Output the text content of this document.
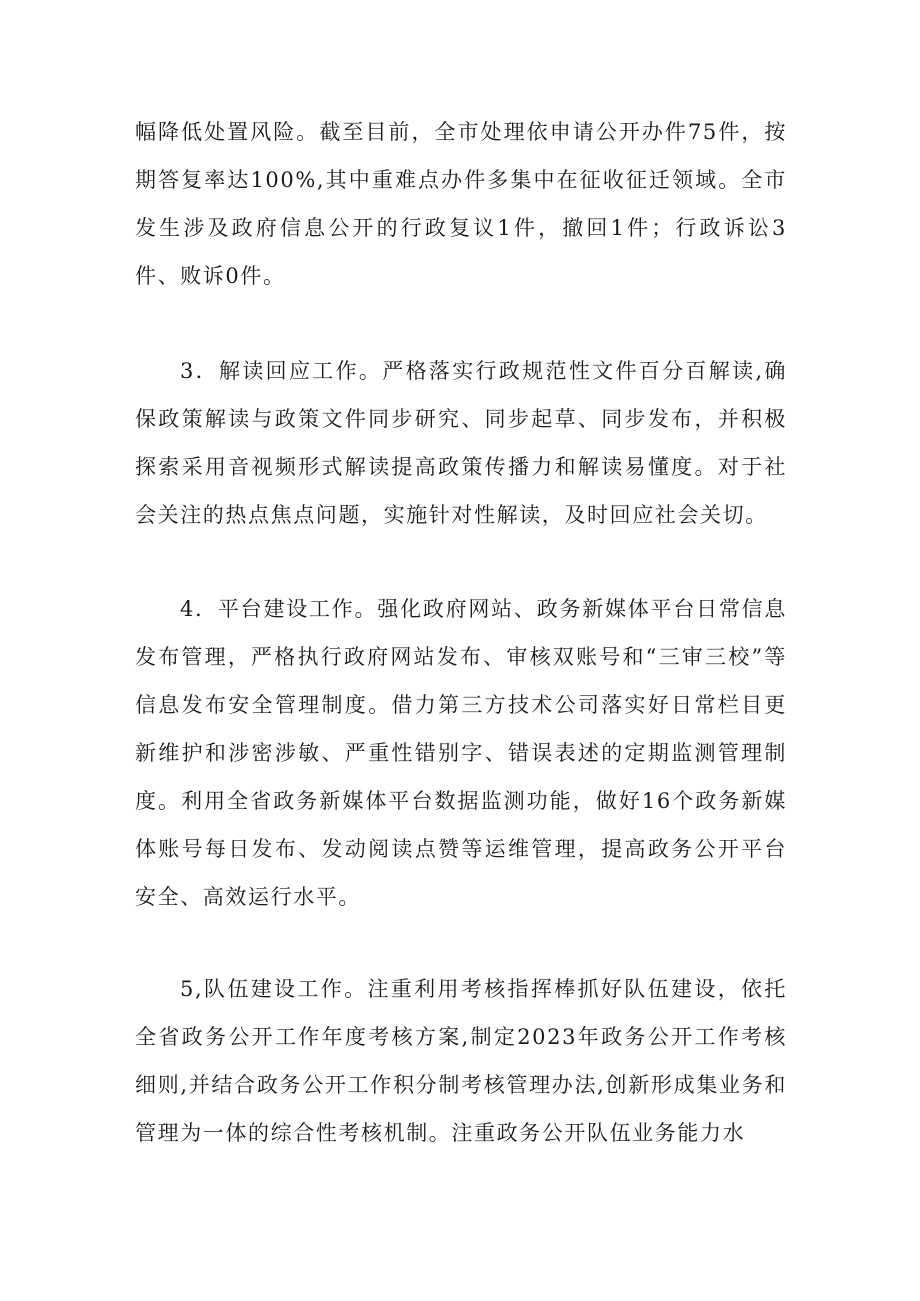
幅降低处置风险。截至目前，全市处理依申请公开办件75件，按期答复率达100%,其中重难点办件多集中在征收征迁领域。全市发生涉及政府信息公开的行政复议1件，撤回1件；行政诉讼3件、败诉0件。

3．解读回应工作。严格落实行政规范性文件百分百解读,确保政策解读与政策文件同步研究、同步起草、同步发布，并积极探索采用音视频形式解读提高政策传播力和解读易懂度。对于社会关注的热点焦点问题，实施针对性解读，及时回应社会关切。

4．平台建设工作。强化政府网站、政务新媒体平台日常信息发布管理，严格执行政府网站发布、审核双账号和“三审三校”等信息发布安全管理制度。借力第三方技术公司落实好日常栏目更新维护和涉密涉敏、严重性错别字、错误表述的定期监测管理制度。利用全省政务新媒体平台数据监测功能，做好16个政务新媒体账号每日发布、发动阅读点赞等运维管理，提高政务公开平台安全、高效运行水平。

5,队伍建设工作。注重利用考核指挥棒抓好队伍建设，依托全省政务公开工作年度考核方案,制定2023年政务公开工作考核细则,并结合政务公开工作积分制考核管理办法,创新形成集业务和管理为一体的综合性考核机制。注重政务公开队伍业务能力水
